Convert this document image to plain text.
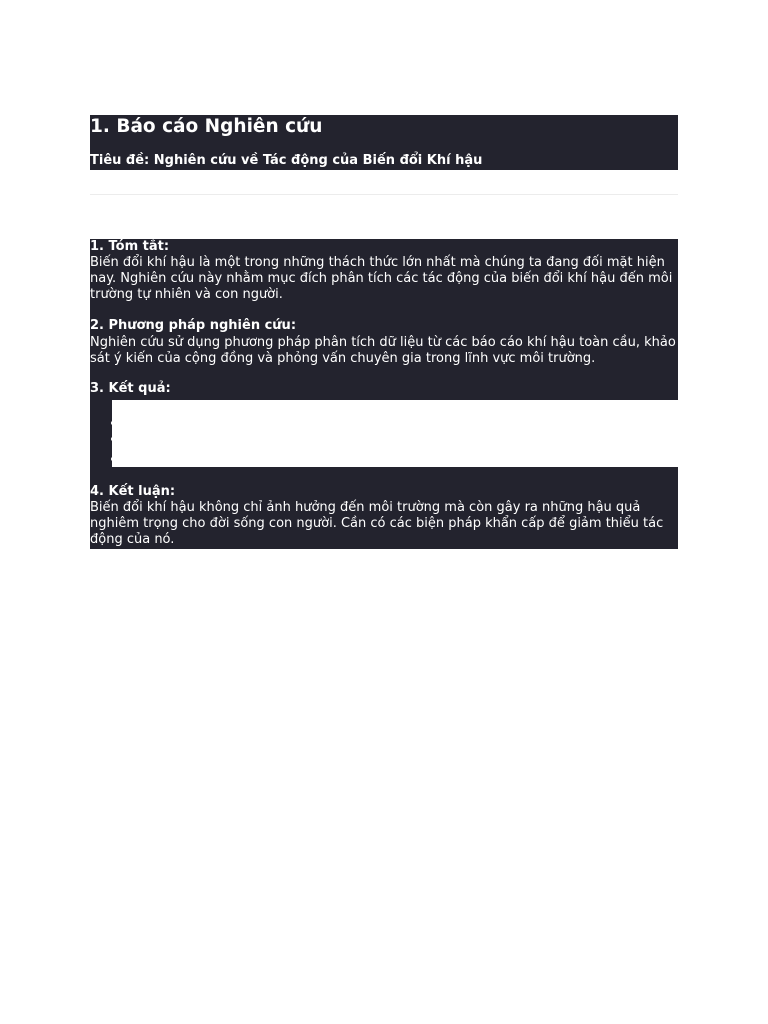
1. Báo cáo Nghiên cứu

Tiêu đề: Nghiên cứu về Tác động của Biến đổi Khí hậu

1. Tóm tắt:

Biến đổi khí hậu là một trong những thách thức lớn nhất mà chúng ta đang đối mặt hiện nay. Nghiên cứu này nhằm mục đích phân tích các tác động của biến đổi khí hậu đến môi trường tự nhiên và con người.

2. Phương pháp nghiên cứu:

Nghiên cứu sử dụng phương pháp phân tích dữ liệu từ các báo cáo khí hậu toàn cầu, khảo sát ý kiến của cộng đồng và phỏng vấn chuyên gia trong lĩnh vực môi trường.

3. Kết quả:

Tăng nhiệt độ trung bình toàn cầu.
Tăng cường hiện tượng thời tiết cực đoan.
Tác động đến sinh kế của người dân ở các khu vực ven biển.

4. Kết luận:

Biến đổi khí hậu không chỉ ảnh hưởng đến môi trường mà còn gây ra những hậu quả nghiêm trọng cho đời sống con người. Cần có các biện pháp khẩn cấp để giảm thiểu tác động của nó.
